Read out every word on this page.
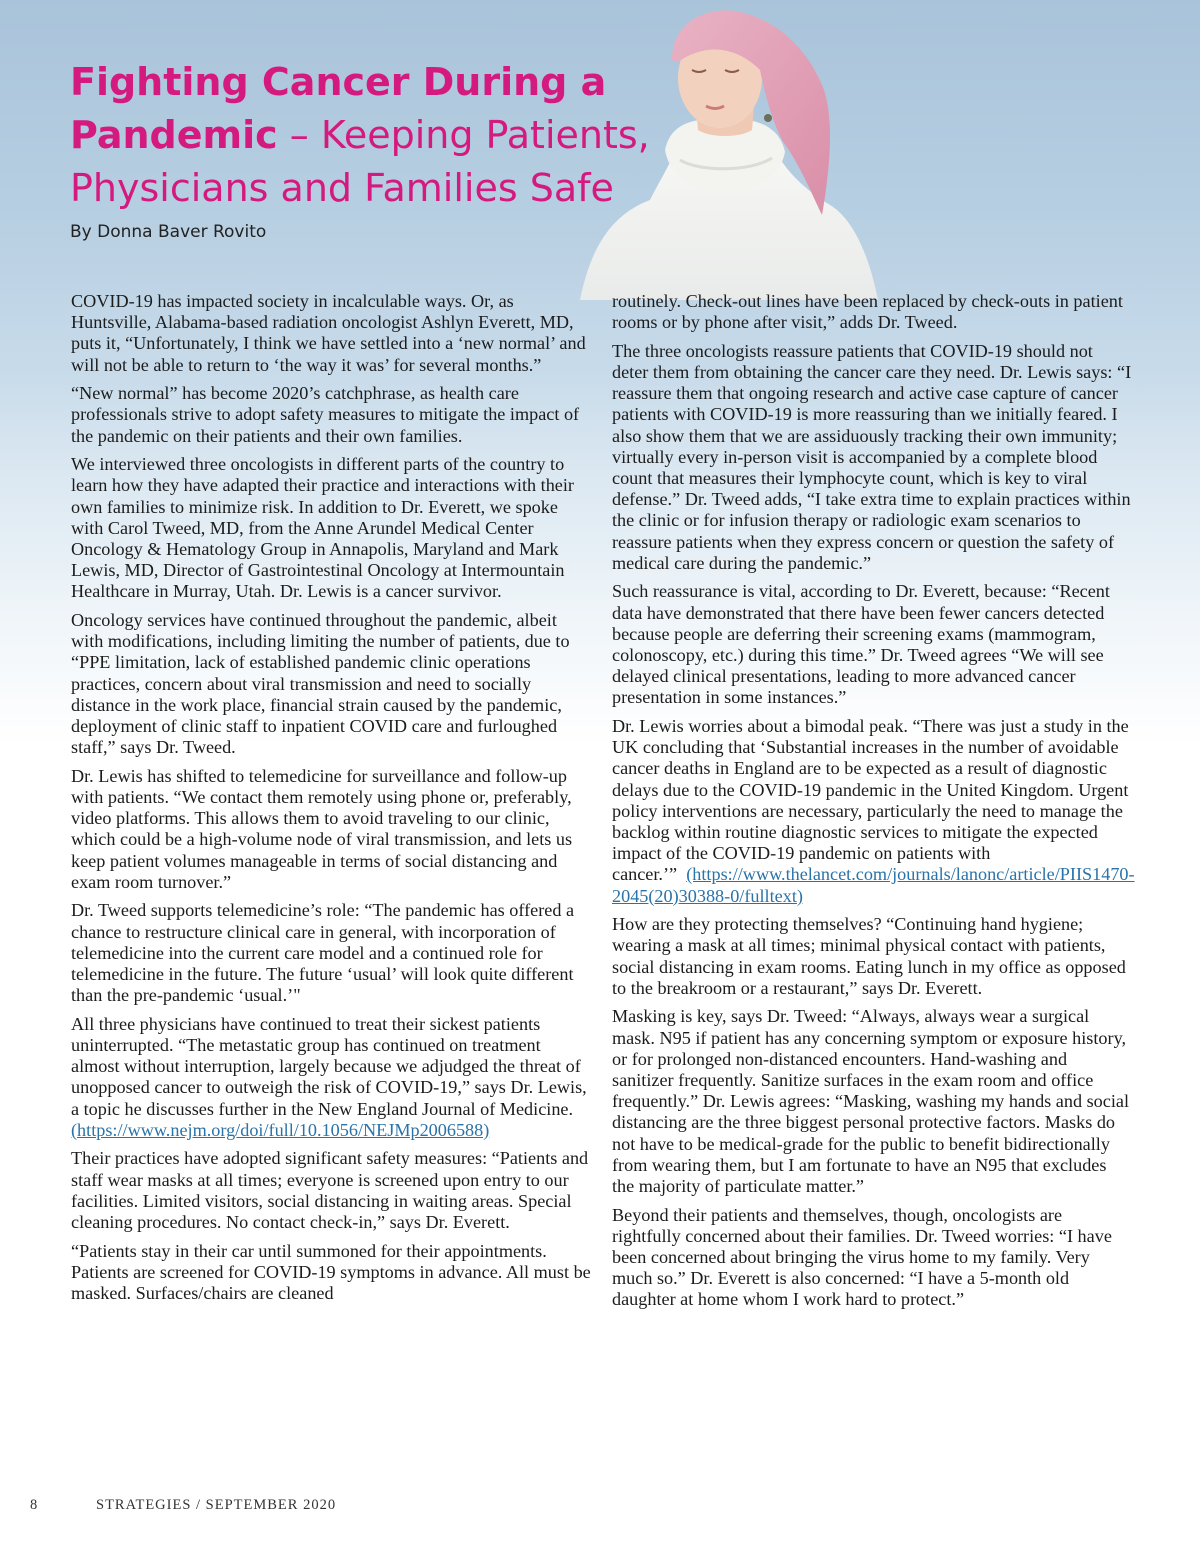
Fighting Cancer During a
Pandemic – Keeping Patients,
Physicians and Families Safe
By Donna Baver Rovito

COVID-19 has impacted society in incalculable ways. Or, as Huntsville, Alabama-based radiation oncologist Ashlyn Everett, MD, puts it, “Unfortunately, I think we have settled into a ‘new normal’ and will not be able to return to ‘the way it was’ for several months.”

“New normal” has become 2020’s catchphrase, as health care professionals strive to adopt safety measures to mitigate the impact of the pandemic on their patients and their own families.

We interviewed three oncologists in different parts of the country to learn how they have adapted their practice and interactions with their own families to minimize risk. In addition to Dr. Everett, we spoke with Carol Tweed, MD, from the Anne Arundel Medical Center Oncology & Hematology Group in Annapolis, Maryland and Mark Lewis, MD, Director of Gastrointestinal Oncology at Intermountain Healthcare in Murray, Utah. Dr. Lewis is a cancer survivor.

Oncology services have continued throughout the pandemic, albeit with modifications, including limiting the number of patients, due to “PPE limitation, lack of established pandemic clinic operations practices, concern about viral transmission and need to socially distance in the work place, financial strain caused by the pandemic, deployment of clinic staff to inpatient COVID care and furloughed staff,” says Dr. Tweed.

Dr. Lewis has shifted to telemedicine for surveillance and follow-up with patients. “We contact them remotely using phone or, preferably, video platforms. This allows them to avoid traveling to our clinic, which could be a high-volume node of viral transmission, and lets us keep patient volumes manageable in terms of social distancing and exam room turnover.”

Dr. Tweed supports telemedicine’s role: “The pandemic has offered a chance to restructure clinical care in general, with incorporation of telemedicine into the current care model and a continued role for telemedicine in the future. The future ‘usual’ will look quite different than the pre-pandemic ‘usual.’"

All three physicians have continued to treat their sickest patients uninterrupted. “The metastatic group has continued on treatment almost without interruption, largely because we adjudged the threat of unopposed cancer to outweigh the risk of COVID-19,” says Dr. Lewis, a topic he discusses further in the New England Journal of Medicine. (https://www.nejm.org/doi/full/10.1056/NEJMp2006588)

Their practices have adopted significant safety measures: “Patients and staff wear masks at all times; everyone is screened upon entry to our facilities. Limited visitors, social distancing in waiting areas. Special cleaning procedures. No contact check-in,” says Dr. Everett.

“Patients stay in their car until summoned for their appointments. Patients are screened for COVID-19 symptoms in advance. All must be masked. Surfaces/chairs are cleaned

routinely. Check-out lines have been replaced by check-outs in patient rooms or by phone after visit,” adds Dr. Tweed.

The three oncologists reassure patients that COVID-19 should not deter them from obtaining the cancer care they need. Dr. Lewis says: “I reassure them that ongoing research and active case capture of cancer patients with COVID-19 is more reassuring than we initially feared. I also show them that we are assiduously tracking their own immunity; virtually every in-person visit is accompanied by a complete blood count that measures their lymphocyte count, which is key to viral defense.” Dr. Tweed adds, “I take extra time to explain practices within the clinic or for infusion therapy or radiologic exam scenarios to reassure patients when they express concern or question the safety of medical care during the pandemic.”

Such reassurance is vital, according to Dr. Everett, because: “Recent data have demonstrated that there have been fewer cancers detected because people are deferring their screening exams (mammogram, colonoscopy, etc.) during this time.” Dr. Tweed agrees “We will see delayed clinical presentations, leading to more advanced cancer presentation in some instances.”

Dr. Lewis worries about a bimodal peak. “There was just a study in the UK concluding that ‘Substantial increases in the number of avoidable cancer deaths in England are to be expected as a result of diagnostic delays due to the COVID-19 pandemic in the United Kingdom. Urgent policy interventions are necessary, particularly the need to manage the backlog within routine diagnostic services to mitigate the expected impact of the COVID-19 pandemic on patients with cancer.’” (https://www.thelancet.com/journals/lanonc/article/PIIS1470-2045(20)30388-0/fulltext)

How are they protecting themselves? “Continuing hand hygiene; wearing a mask at all times; minimal physical contact with patients, social distancing in exam rooms. Eating lunch in my office as opposed to the breakroom or a restaurant,” says Dr. Everett.

Masking is key, says Dr. Tweed: “Always, always wear a surgical mask. N95 if patient has any concerning symptom or exposure history, or for prolonged non-distanced encounters. Hand-washing and sanitizer frequently. Sanitize surfaces in the exam room and office frequently.” Dr. Lewis agrees: “Masking, washing my hands and social distancing are the three biggest personal protective factors. Masks do not have to be medical-grade for the public to benefit bidirectionally from wearing them, but I am fortunate to have an N95 that excludes the majority of particulate matter.”

Beyond their patients and themselves, though, oncologists are rightfully concerned about their families. Dr. Tweed worries: “I have been concerned about bringing the virus home to my family. Very much so.” Dr. Everett is also concerned: “I have a 5-month old daughter at home whom I work hard to protect.”

8	STRATEGIES / SEPTEMBER 2020
